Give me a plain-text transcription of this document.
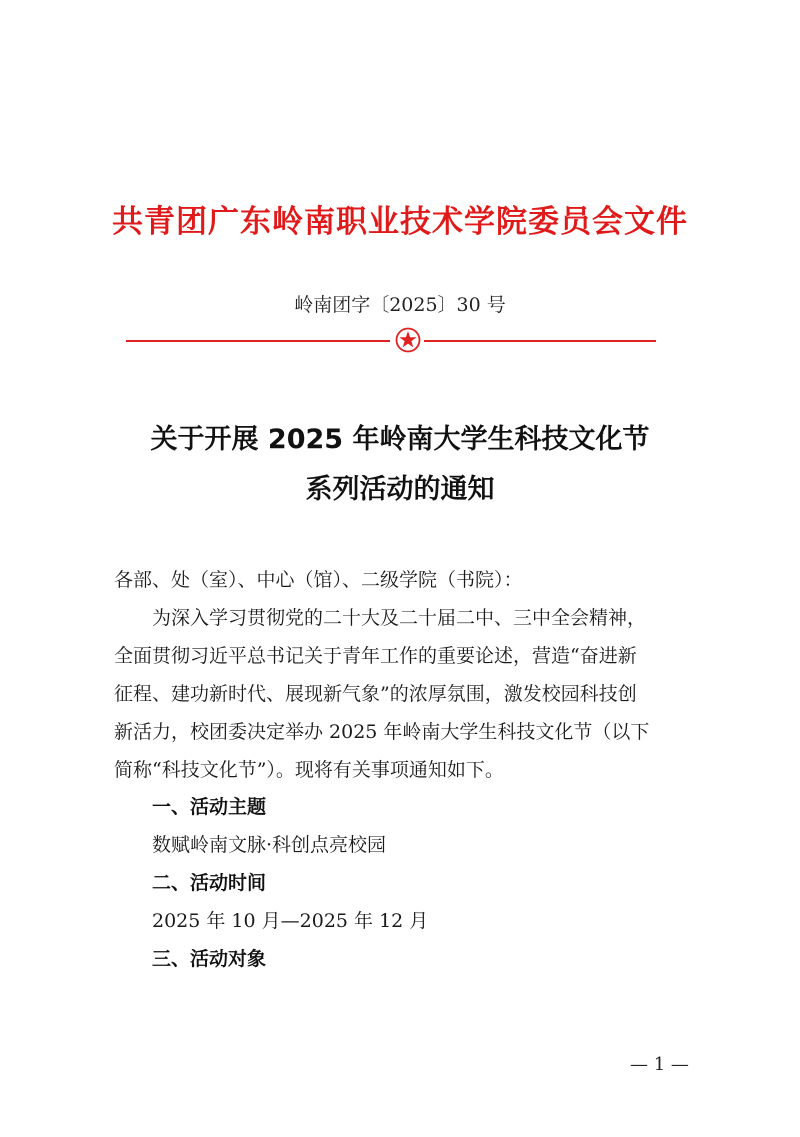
共青团广东岭南职业技术学院委员会文件
岭南团字〔2025〕30 号
关于开展 2025 年岭南大学生科技文化节
系列活动的通知
各部、处（室）、中心（馆）、二级学院（书院）：
为深入学习贯彻党的二十大及二十届二中、三中全会精神，
全面贯彻习近平总书记关于青年工作的重要论述，营造“奋进新
征程、建功新时代、展现新气象”的浓厚氛围，激发校园科技创
新活力，校团委决定举办 2025 年岭南大学生科技文化节（以下
简称“科技文化节”）。现将有关事项通知如下。
一、活动主题
数赋岭南文脉·科创点亮校园
二、活动时间
2025 年 10 月—2025 年 12 月
三、活动对象
— 1 —
